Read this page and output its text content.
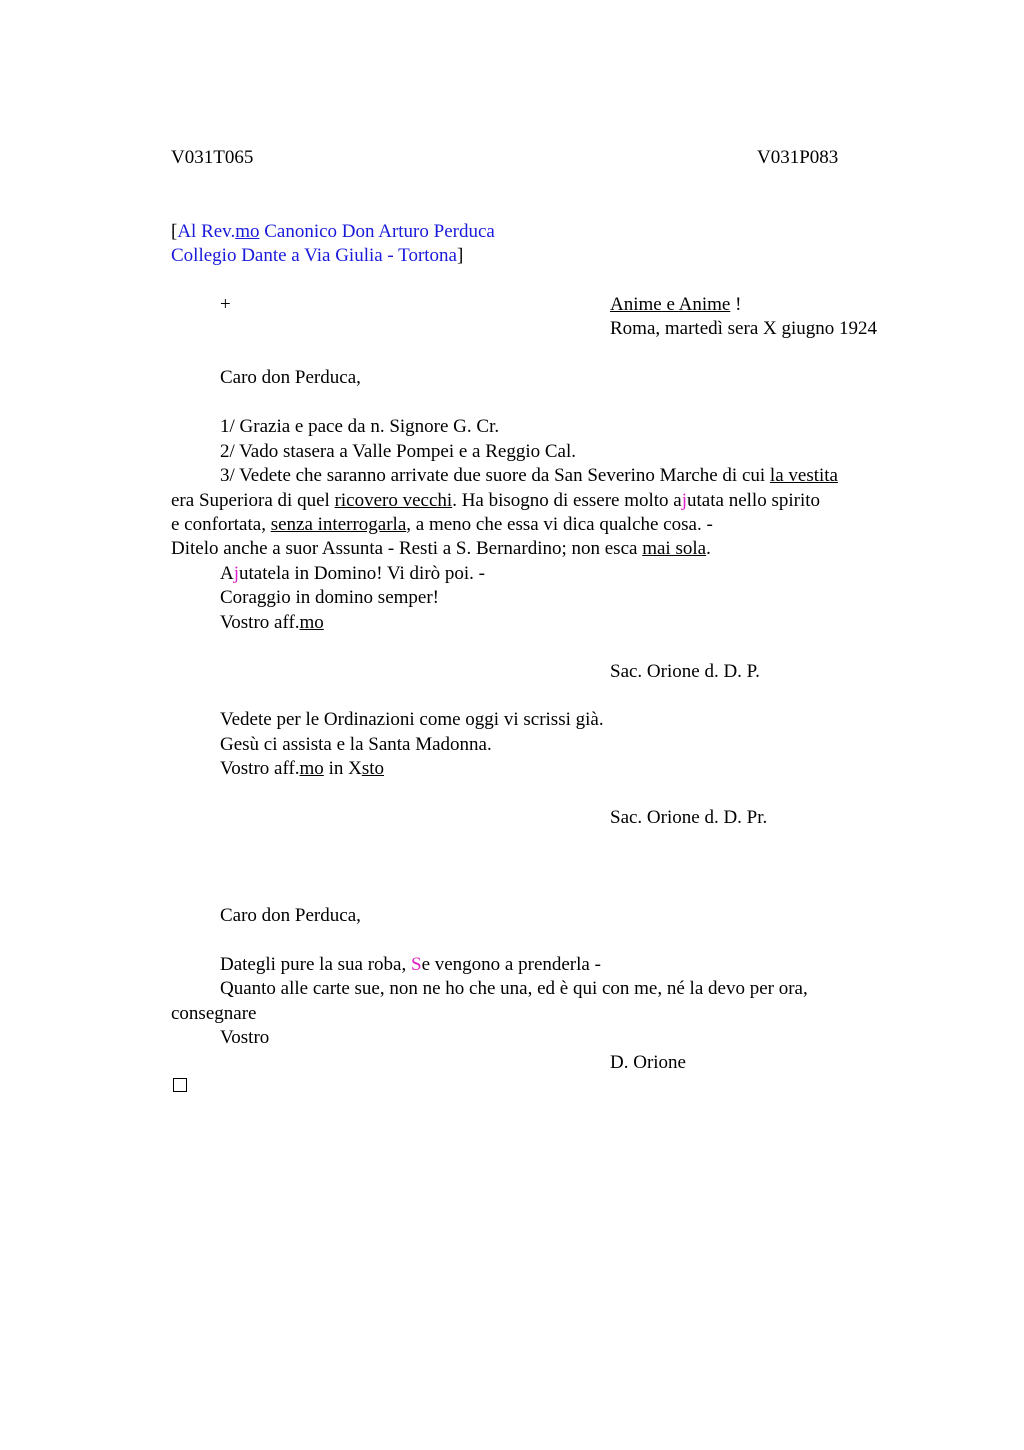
V031T065	V031P083
[Al Rev.mo Canonico Don Arturo Perduca
Collegio Dante a Via Giulia - Tortona]
+	Anime e Anime !
Roma, martedì sera X giugno 1924
Caro don Perduca,
1/ Grazia e pace da n. Signore G. Cr.
2/ Vado stasera a Valle Pompei e a Reggio Cal.
3/ Vedete che saranno arrivate due suore da San Severino Marche di cui la vestita
era Superiora di quel ricovero vecchi. Ha bisogno di essere molto ajutata nello spirito
e confortata, senza interrogarla, a meno che essa vi dica qualche cosa. -
Ditelo anche a suor Assunta - Resti a S. Bernardino; non esca mai sola.
Ajutatela in Domino! Vi dirò poi. -
Coraggio in domino semper!
Vostro aff.mo
Sac. Orione d. D. P.
Vedete per le Ordinazioni come oggi vi scrissi già.
Gesù ci assista e la Santa Madonna.
Vostro aff.mo in Xsto
Sac. Orione d. D. Pr.
Caro don Perduca,
Dategli pure la sua roba, Se vengono a prenderla -
Quanto alle carte sue, non ne ho che una, ed è qui con me, né la devo per ora,
consegnare
Vostro
D. Orione
